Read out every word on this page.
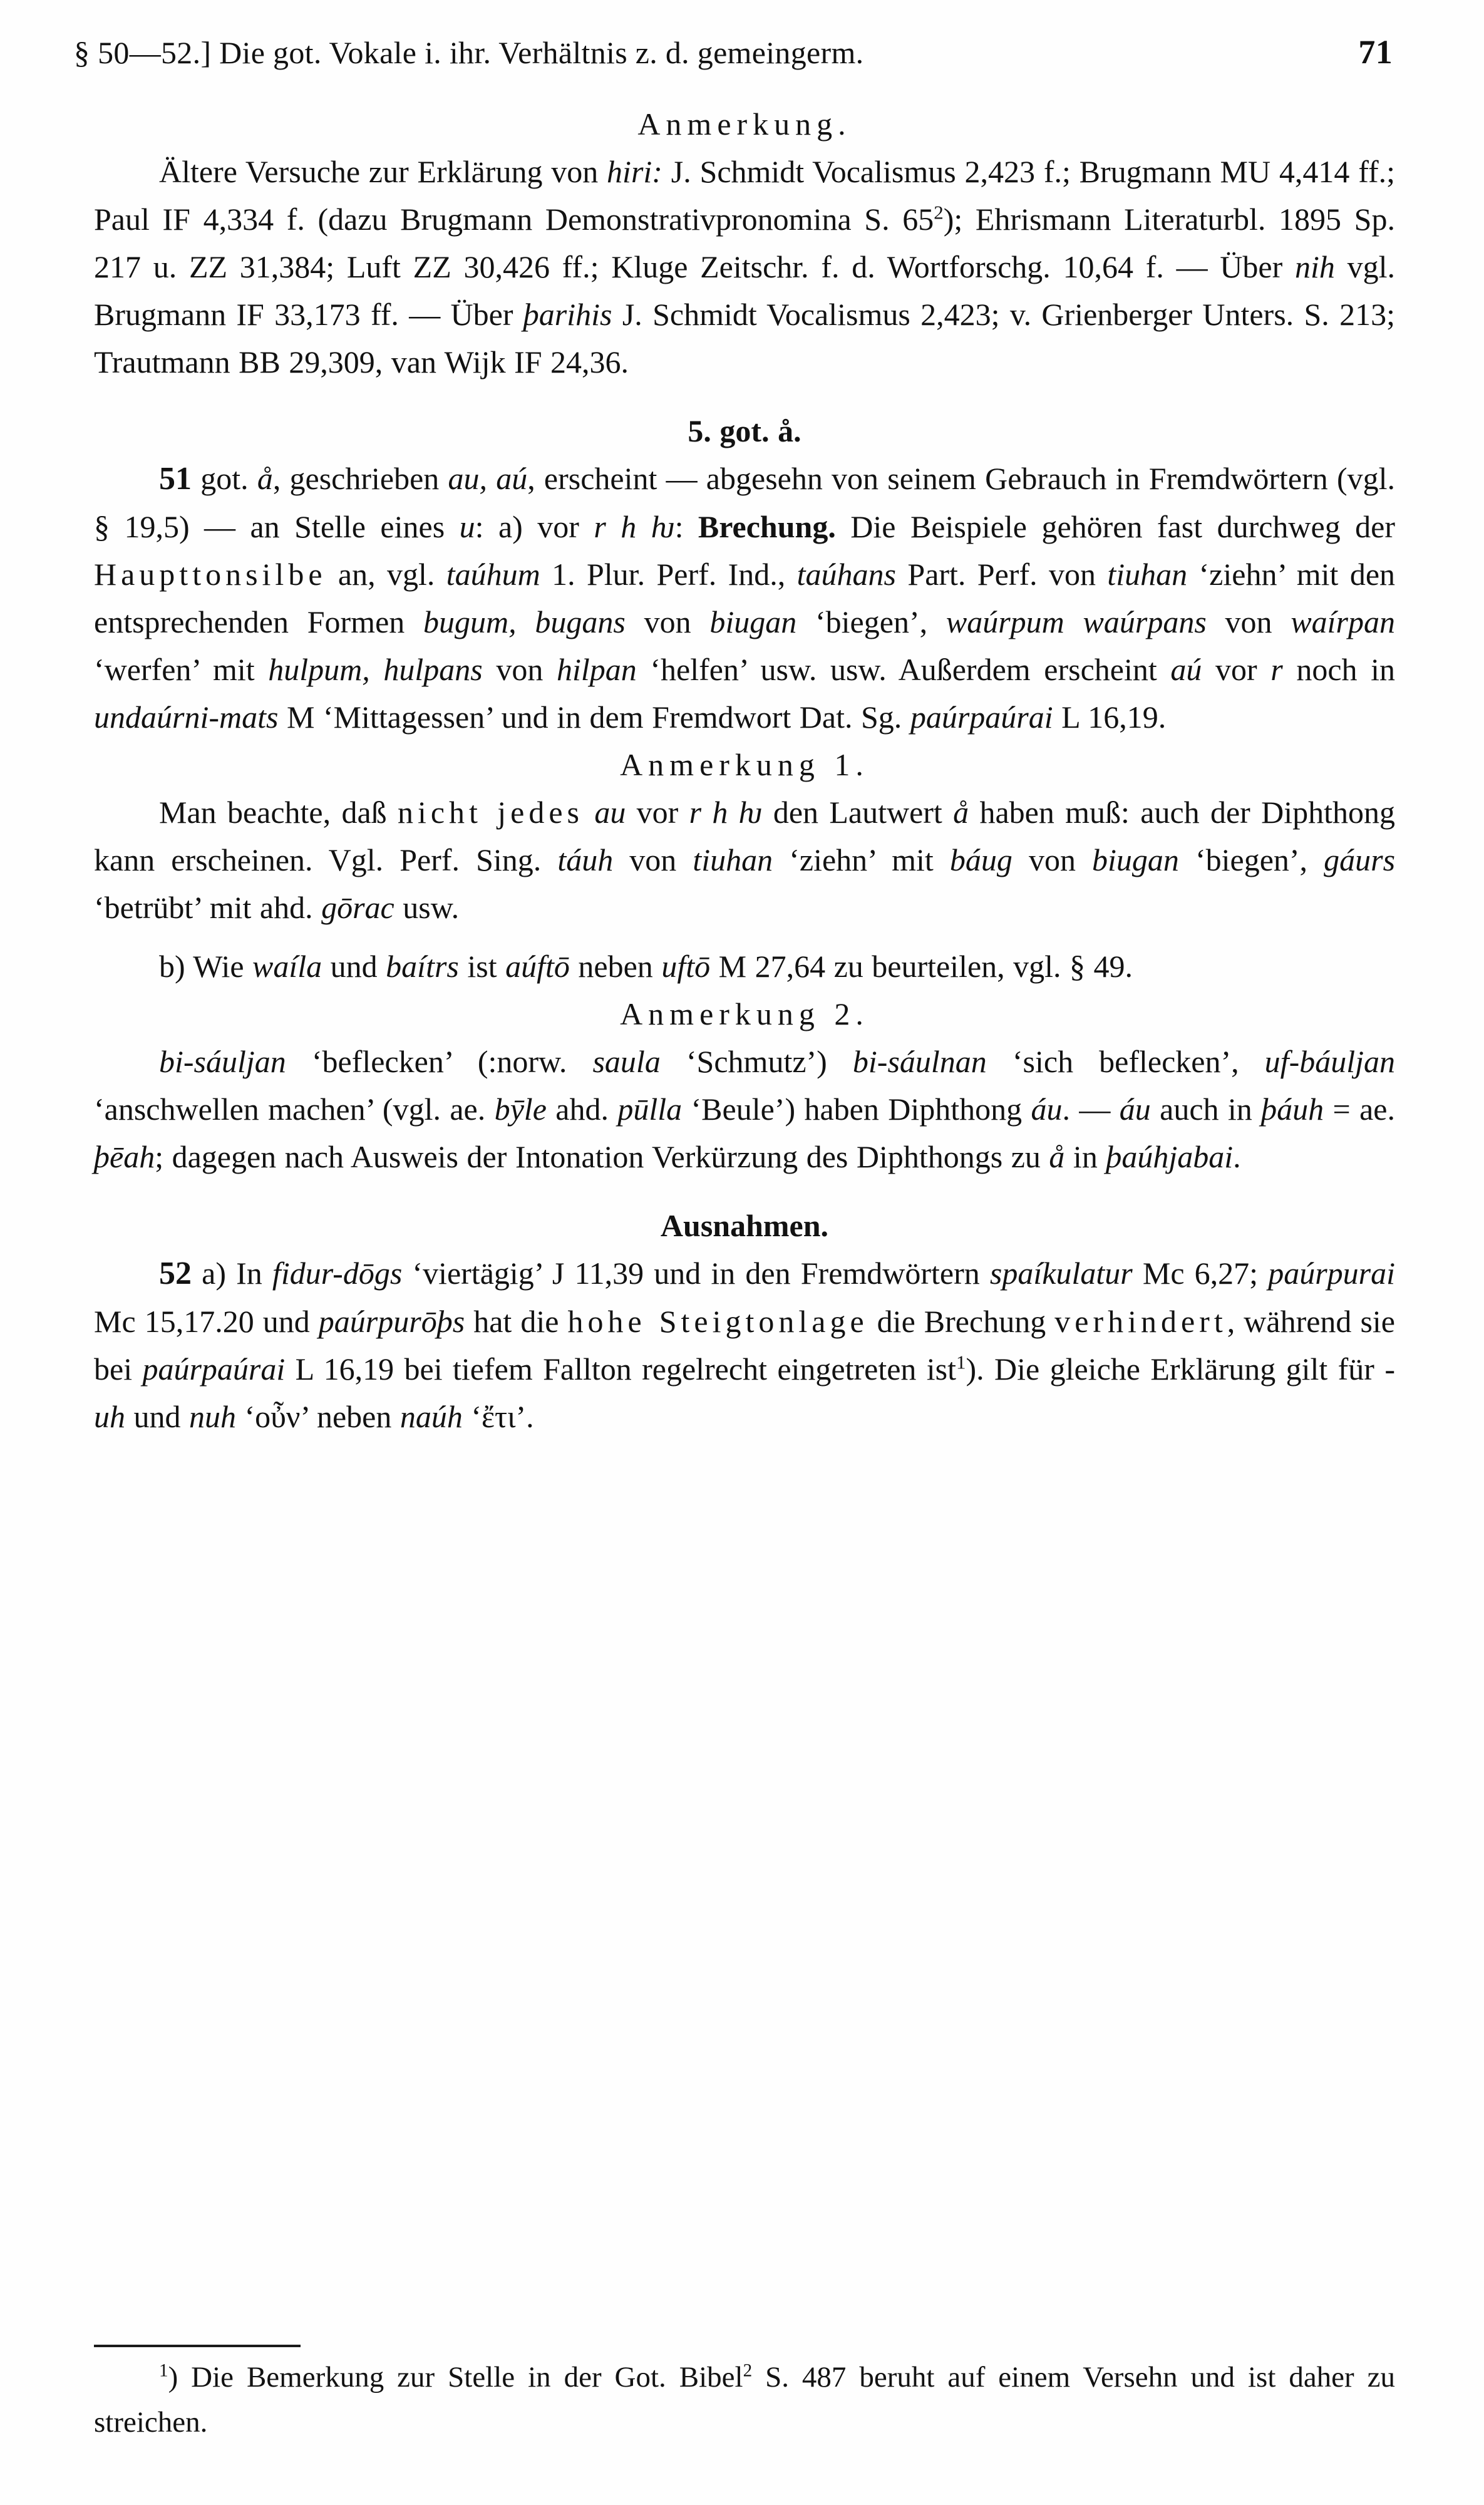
§ 50—52.] Die got. Vokale i. ihr. Verhältnis z. d. gemeingerm.	71

Anmerkung.

Ältere Versuche zur Erklärung von hiri: J. Schmidt Vocalismus 2,423 f.; Brugmann MU 4,414 ff.; Paul IF 4,334 f. (dazu Brugmann Demonstrativpronomina S. $65^2$); Ehrismann Literaturbl. 1895 Sp. 217 u. ZZ 31,384; Luft ZZ 30,426 ff.; Kluge Zeitschr. f. d. Wortforschg. 10,64 f. — Über nih vgl. Brugmann IF 33,173 ff. — Über þarihis J. Schmidt Vocalismus 2,423; v. Grienberger Unters. S. 213; Trautmann BB 29,309, van Wijk IF 24,36.

5. got. å.

51 got. å, geschrieben au, aú, erscheint — abgesehn von seinem Gebrauch in Fremdwörtern (vgl. § 19,5) — an Stelle eines u: a) vor r h ƕ: Brechung. Die Beispiele gehören fast durchweg der Haupttonsilbe an, vgl. taúhum 1. Plur. Perf. Ind., taúhans Part. Perf. von tiuhan ‘ziehn’ mit den entsprechenden Formen bugum, bugans von biugan ‘biegen’, waúrpum waúrpans von waírpan ‘werfen’ mit hulpum, hulpans von hilpan ‘helfen’ usw. usw. Außerdem erscheint aú vor r noch in undaúrni-mats M ‘Mittagessen’ und in dem Fremdwort Dat. Sg. paúrpaúrai L 16,19.

Anmerkung 1.

Man beachte, daß nicht jedes au vor r h ƕ den Lautwert å haben muß: auch der Diphthong kann erscheinen. Vgl. Perf. Sing. táuh von tiuhan ‘ziehn’ mit báug von biugan ‘biegen’, gáurs ‘betrübt’ mit ahd. gōrac usw.

b) Wie waíla und baítrs ist aúftō neben uftō M 27,64 zu beurteilen, vgl. § 49.

Anmerkung 2.

bi-sáuljan ‘beflecken’ (:norw. saula ‘Schmutz’) bi-sáulnan ‘sich beflecken’, uf-báuljan ‘anschwellen machen’ (vgl. ae. bȳle ahd. pūlla ‘Beule’) haben Diphthong áu. — áu auch in þáuh = ae. þēah; dagegen nach Ausweis der Intonation Verkürzung des Diphthongs zu å in þaúhjabai.

Ausnahmen.

52 a) In fidur-dōgs ‘viertägig’ J 11,39 und in den Fremdwörtern spaíkulatur Mc 6,27; paúrpurai Mc 15,17.20 und paúrpurōþs hat die hohe Steigtonlage die Brechung verhindert, während sie bei paúrpaúrai L 16,19 bei tiefem Fallton regelrecht eingetreten ist$^1$). Die gleiche Erklärung gilt für -uh und nuh ‘οὖν’ neben naúh ‘ἔτι’.

$^1$) Die Bemerkung zur Stelle in der Got. Bibel$^2$ S. 487 beruht auf einem Versehn und ist daher zu streichen.
